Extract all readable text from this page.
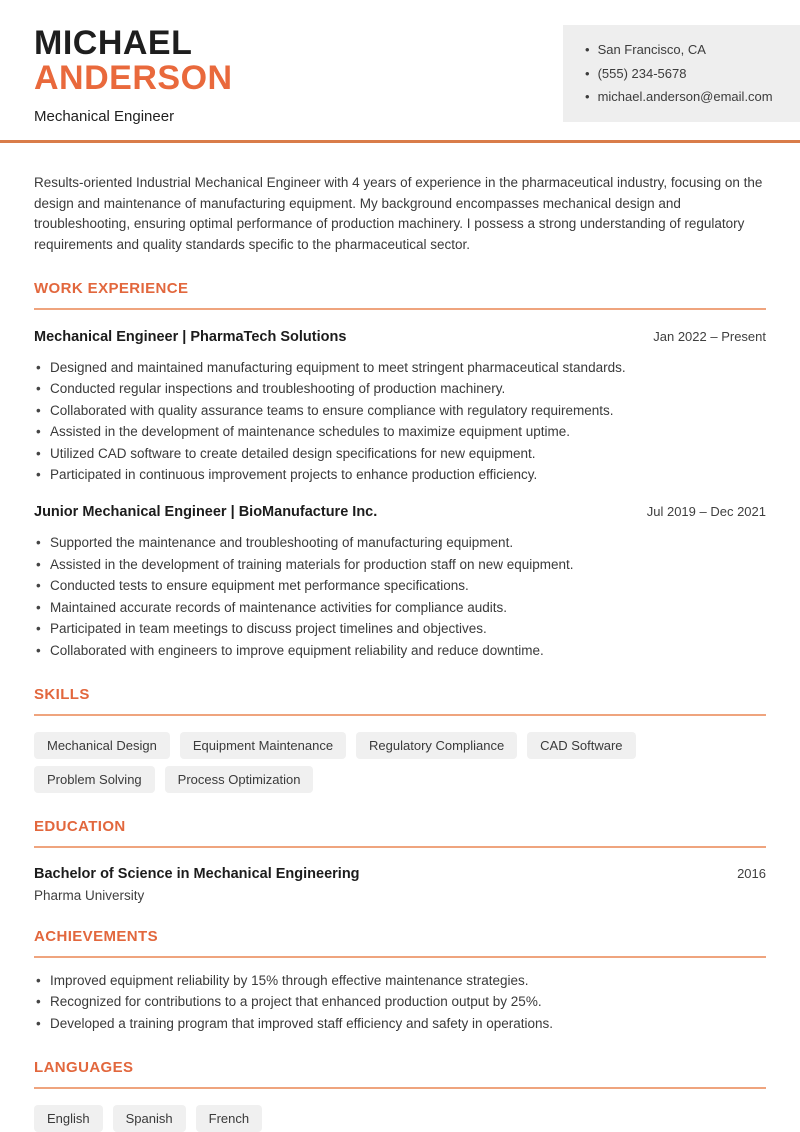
MICHAEL
ANDERSON
Mechanical Engineer
• San Francisco, CA
• (555) 234-5678
• michael.anderson@email.com

Results-oriented Industrial Mechanical Engineer with 4 years of experience in the pharmaceutical industry, focusing on the design and maintenance of manufacturing equipment. My background encompasses mechanical design and troubleshooting, ensuring optimal performance of production machinery. I possess a strong understanding of regulatory requirements and quality standards specific to the pharmaceutical sector.

WORK EXPERIENCE
Mechanical Engineer | PharmaTech Solutions	Jan 2022 – Present
• Designed and maintained manufacturing equipment to meet stringent pharmaceutical standards.
• Conducted regular inspections and troubleshooting of production machinery.
• Collaborated with quality assurance teams to ensure compliance with regulatory requirements.
• Assisted in the development of maintenance schedules to maximize equipment uptime.
• Utilized CAD software to create detailed design specifications for new equipment.
• Participated in continuous improvement projects to enhance production efficiency.
Junior Mechanical Engineer | BioManufacture Inc.	Jul 2019 – Dec 2021
• Supported the maintenance and troubleshooting of manufacturing equipment.
• Assisted in the development of training materials for production staff on new equipment.
• Conducted tests to ensure equipment met performance specifications.
• Maintained accurate records of maintenance activities for compliance audits.
• Participated in team meetings to discuss project timelines and objectives.
• Collaborated with engineers to improve equipment reliability and reduce downtime.
SKILLS
Mechanical Design	Equipment Maintenance	Regulatory Compliance	CAD Software
Problem Solving	Process Optimization
EDUCATION
Bachelor of Science in Mechanical Engineering	2016
Pharma University
ACHIEVEMENTS
• Improved equipment reliability by 15% through effective maintenance strategies.
• Recognized for contributions to a project that enhanced production output by 25%.
• Developed a training program that improved staff efficiency and safety in operations.
LANGUAGES
English	Spanish	French
